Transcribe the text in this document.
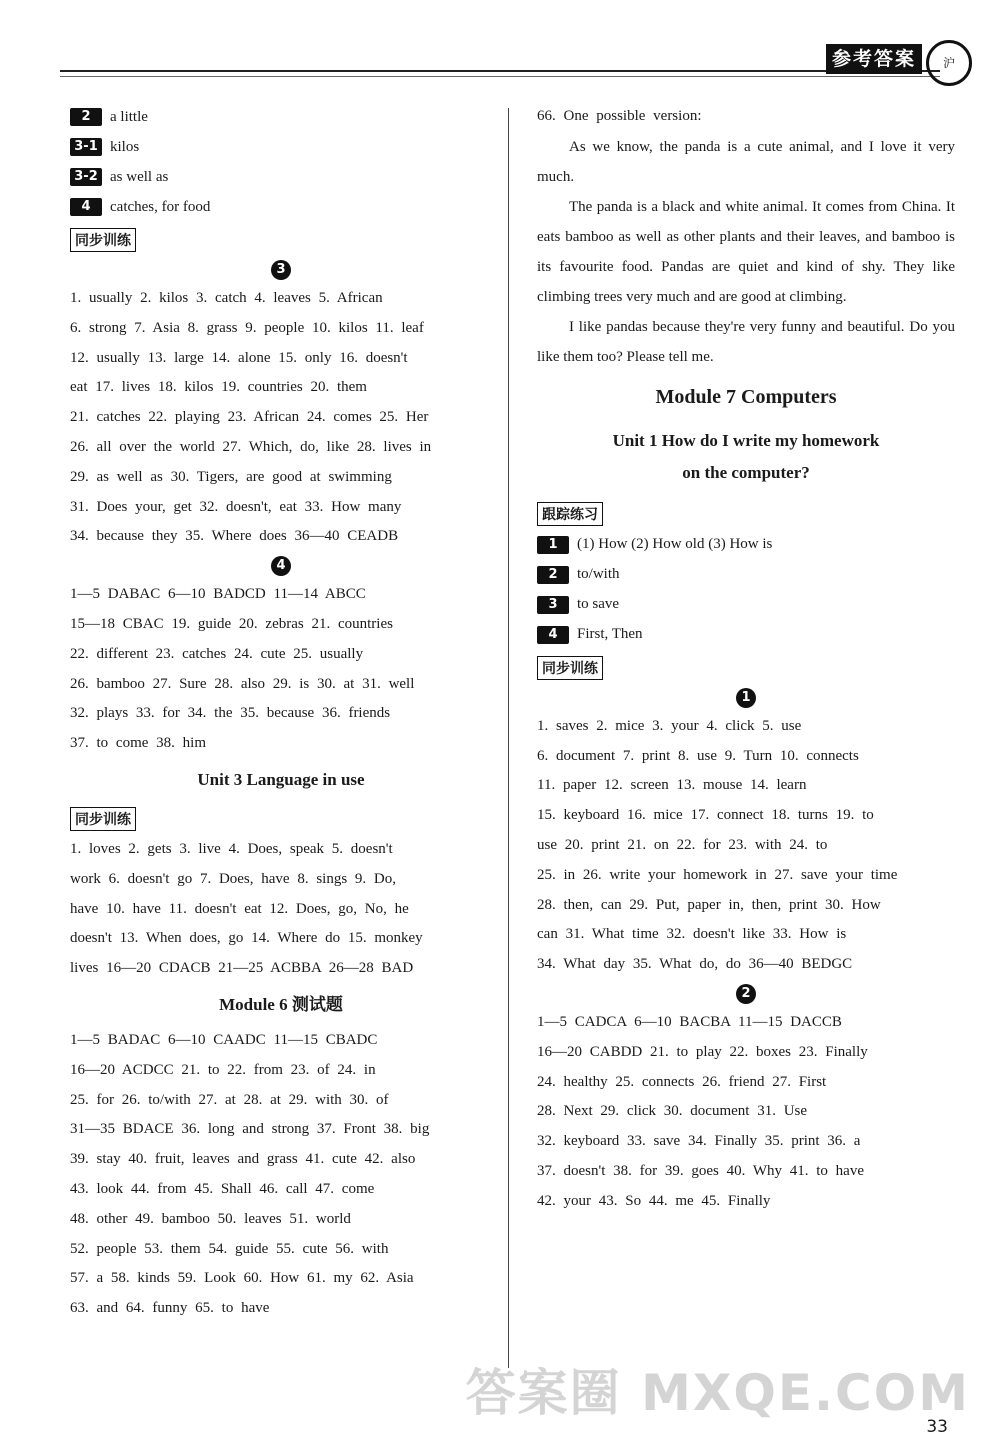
参考答案	沪
2	a little
3-1 kilos
3-2 as well as
4	catches, for food
同步训练
3
1. usually 2. kilos 3. catch 4. leaves 5. African
6. strong 7. Asia 8. grass 9. people 10. kilos 11. leaf
12. usually 13. large 14. alone 15. only 16. doesn't
eat 17. lives 18. kilos 19. countries 20. them
21. catches 22. playing 23. African 24. comes 25. Her
26. all over the world 27. Which, do, like 28. lives in
29. as well as 30. Tigers, are good at swimming
31. Does your, get 32. doesn't, eat 33. How many
34. because they 35. Where does 36—40 CEADB
4
1—5 DABAC 6—10 BADCD 11—14 ABCC
15—18 CBAC 19. guide 20. zebras 21. countries
22. different 23. catches 24. cute 25. usually
26. bamboo 27. Sure 28. also 29. is 30. at 31. well
32. plays 33. for 34. the 35. because 36. friends
37. to come 38. him
Unit 3 Language in use
同步训练
1. loves 2. gets 3. live 4. Does, speak 5. doesn't
work 6. doesn't go 7. Does, have 8. sings 9. Do,
have 10. have 11. doesn't eat 12. Does, go, No, he
doesn't 13. When does, go 14. Where do 15. monkey
lives 16—20 CDACB 21—25 ACBBA 26—28 BAD
Module 6 测试题
1—5 BADAC 6—10 CAADC 11—15 CBADC
16—20 ACDCC 21. to 22. from 23. of 24. in
25. for 26. to/with 27. at 28. at 29. with 30. of
31—35 BDACE 36. long and strong 37. Front 38. big
39. stay 40. fruit, leaves and grass 41. cute 42. also
43. look 44. from 45. Shall 46. call 47. come
48. other 49. bamboo 50. leaves 51. world
52. people 53. them 54. guide 55. cute 56. with
57. a 58. kinds 59. Look 60. How 61. my 62. Asia
63. and 64. funny 65. to have
66. One possible version:
As we know, the panda is a cute animal, and I love it very much.
The panda is a black and white animal. It comes from China. It eats bamboo as well as other plants and their leaves, and bamboo is its favourite food. Pandas are quiet and kind of shy. They like climbing trees very much and are good at climbing.
I like pandas because they're very funny and beautiful. Do you like them too? Please tell me.
Module 7 Computers
Unit 1 How do I write my homework
on the computer?
跟踪练习
1	(1) How (2) How old (3) How is
2	to/with
3	to save
4	First, Then
同步训练
1
1. saves 2. mice 3. your 4. click 5. use
6. document 7. print 8. use 9. Turn 10. connects
11. paper 12. screen 13. mouse 14. learn
15. keyboard 16. mice 17. connect 18. turns 19. to
use 20. print 21. on 22. for 23. with 24. to
25. in 26. write your homework in 27. save your time
28. then, can 29. Put, paper in, then, print 30. How
can 31. What time 32. doesn't like 33. How is
34. What day 35. What do, do 36—40 BEDGC
2
1—5 CADCA 6—10 BACBA 11—15 DACCB
16—20 CABDD 21. to play 22. boxes 23. Finally
24. healthy 25. connects 26. friend 27. First
28. Next 29. click 30. document 31. Use
32. keyboard 33. save 34. Finally 35. print 36. a
37. doesn't 38. for 39. goes 40. Why 41. to have
42. your 43. So 44. me 45. Finally
答案圈 MXQE.COM
33
